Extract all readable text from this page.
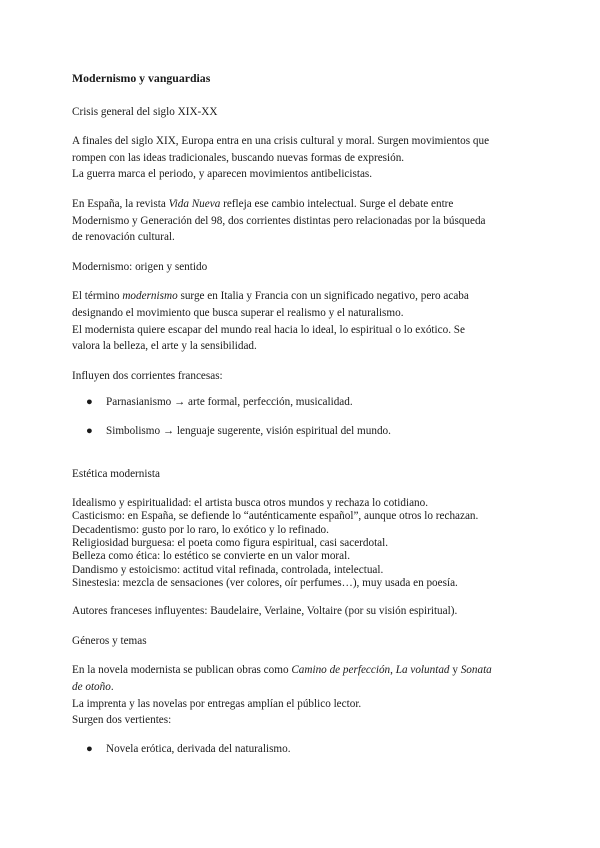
Modernismo y vanguardias

Crisis general del siglo XIX-XX

A finales del siglo XIX, Europa entra en una crisis cultural y moral. Surgen movimientos que

rompen con las ideas tradicionales, buscando nuevas formas de expresión.

La guerra marca el periodo, y aparecen movimientos antibelicistas.

En España, la revista Vida Nueva refleja ese cambio intelectual. Surge el debate entre

Modernismo y Generación del 98, dos corrientes distintas pero relacionadas por la búsqueda

de renovación cultural.

Modernismo: origen y sentido

El término modernismo surge en Italia y Francia con un significado negativo, pero acaba

designando el movimiento que busca superar el realismo y el naturalismo.

El modernista quiere escapar del mundo real hacia lo ideal, lo espiritual o lo exótico. Se

valora la belleza, el arte y la sensibilidad.

Influyen dos corrientes francesas:

● Parnasianismo → arte formal, perfección, musicalidad.
● Simbolismo → lenguaje sugerente, visión espiritual del mundo.

Estética modernista

Idealismo y espiritualidad: el artista busca otros mundos y rechaza lo cotidiano.

Casticismo: en España, se defiende lo “auténticamente español”, aunque otros lo rechazan.

Decadentismo: gusto por lo raro, lo exótico y lo refinado.

Religiosidad burguesa: el poeta como figura espiritual, casi sacerdotal.

Belleza como ética: lo estético se convierte en un valor moral.

Dandismo y estoicismo: actitud vital refinada, controlada, intelectual.

Sinestesia: mezcla de sensaciones (ver colores, oír perfumes…), muy usada en poesía.

Autores franceses influyentes: Baudelaire, Verlaine, Voltaire (por su visión espiritual).

Géneros y temas

En la novela modernista se publican obras como Camino de perfección, La voluntad y Sonata

de otoño.

La imprenta y las novelas por entregas amplían el público lector.

Surgen dos vertientes:

● Novela erótica, derivada del naturalismo.
